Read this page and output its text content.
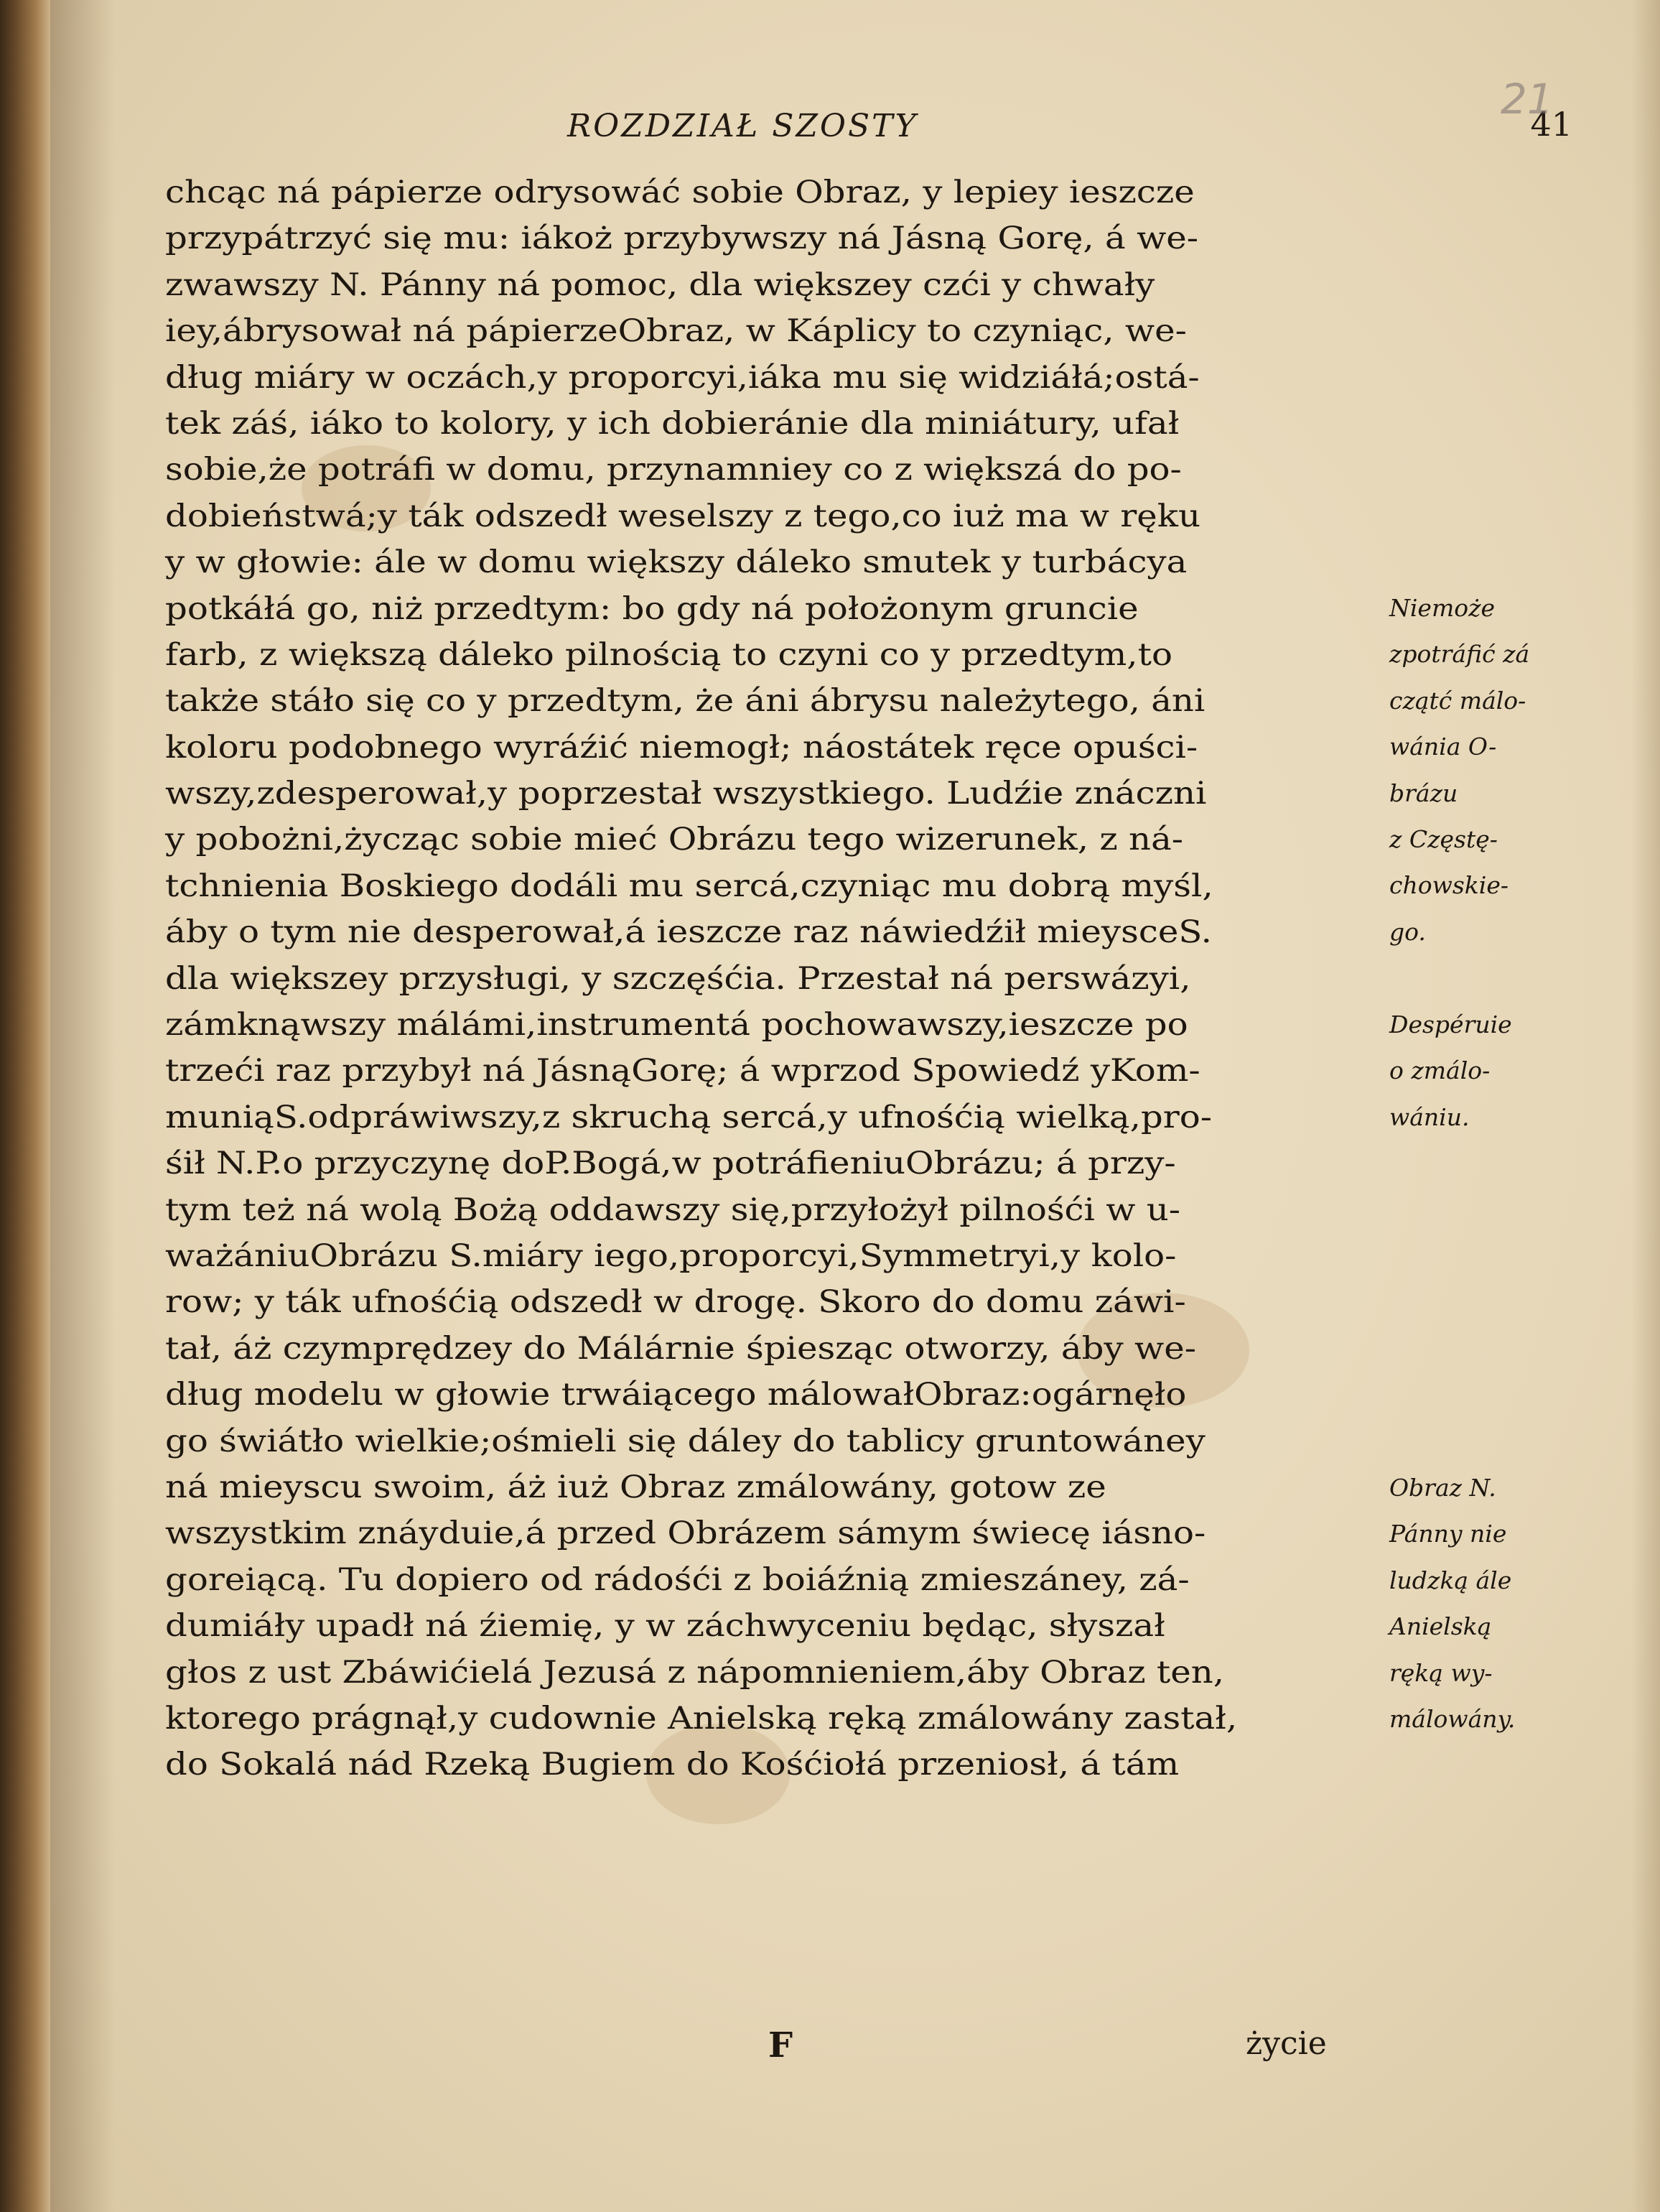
ROZDZIAŁ SZOSTY	41
21
chcąc ná pápierze odrysowáć sobie Obraz, y lepiey ieszcze
przypátrzyć się mu: iákoż przybywszy ná Jásną Gorę, á we-
zwawszy N. Pánny ná pomoc, dla większey czći y chwały
iey,ábrysował ná pápierzeObraz, w Káplicy to czyniąc, we-
dług miáry w oczách,y proporcyi,iáka mu się widziáłá;ostá-
tek záś, iáko to kolory, y ich dobieránie dla miniátury, ufał
sobie,że potráfi w domu, przynamniey co z większá do po-
dobieństwá;y ták odszedł weselszy z tego,co iuż ma w ręku
y w głowie: ále w domu większy dáleko smutek y turbácya
potkáłá go, niż przedtym: bo gdy ná położonym gruncie
farb, z większą dáleko pilnością to czyni co y przedtym,to
także stáło się co y przedtym, że áni ábrysu należytego, áni
koloru podobnego wyráźić niemogł; náostátek ręce opuści-
wszy,zdesperował,y poprzestał wszystkiego. Ludźie znáczni
y pobożni,życząc sobie mieć Obrázu tego wizerunek, z ná-
tchnienia Boskiego dodáli mu sercá,czyniąc mu dobrą myśl,
áby o tym nie desperował,á ieszcze raz náwiedźił mieysceS.
dla większey przysługi, y szczęśćia. Przestał ná perswázyi,
zámknąwszy málámi,instrumentá pochowawszy,ieszcze po
trzeći raz przybył ná JásnąGorę; á wprzod Spowiedź yKom-
muniąS.odpráwiwszy,z skruchą sercá,y ufnośćią wielką,pro-
śił N.P.o przyczynę doP.Bogá,w potráfieniuObrázu; á przy-
tym też ná wolą Bożą oddawszy się,przyłożył pilnośći w u-
ważániuObrázu S.miáry iego,proporcyi,Symmetryi,y kolo-
row; y ták ufnośćią odszedł w drogę. Skoro do domu záwi-
tał, áż czymprędzey do Málárnie śpiesząc otworzy, áby we-
dług modelu w głowie trwáiącego málowałObraz:ogárnęło
go świátło wielkie;ośmieli się dáley do tablicy gruntowáney
ná mieyscu swoim, áż iuż Obraz zmálowány, gotow ze
wszystkim znáyduie,á przed Obrázem sámym świecę iásno-
goreiącą. Tu dopiero od rádośći z boiáźnią zmieszáney, zá-
dumiáły upadł ná źiemię, y w záchwyceniu będąc, słyszał
głos z ust Zbáwićielá Jezusá z nápomnieniem,áby Obraz ten,
ktorego prágnął,y cudownie Anielską ręką zmálowány zastał,
do Sokalá nád Rzeką Bugiem do Kośćiołá przeniosł, á tám
Niemoże
zpotráfić zá
czątć málo-
wánia O-
brázu
z Częstę-
chowskie-
go.
Despéruie
o zmálo-
wániu.
Obraz N.
Pánny nie
ludzką ále
Anielską
ręką wy-
málowány.
F	życie
